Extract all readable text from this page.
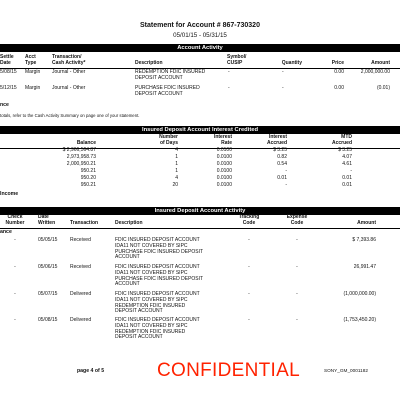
Statement for Account # 867-730320
05/01/15 - 05/31/15
Account Activity
Settle
Date
Acct
Type
Transaction/
Cash Activity*	Description
Symbol/
CUSIP	Quantity	Price	Amount
5/08/15 Margin Journal - Other	REDEMPTION FDIC INSURED
DEPOSIT ACCOUNT
-	-	0.00	2,000,000.00
5/12/15 Margin Journal - Other	PURCHASE FDIC INSURED
DEPOSIT ACCOUNT
-	-	0.00	(0.01)
nce
totals, refer to the Cash Activity Summary on page one of your statement.
Insured Deposit Account Interest Credited
Balance
Number
of Days
Interest
Rate
Interest
Accrued
MTD
Accrued
$ 2,966,564.87	4	0.0100	$ 3.25	$ 3.25
2,973,958.73	1	0.0100	0.82	4.07
2,000,950.21	1	0.0100	0.54	4.61
950.21	1	0.0100	-	-
950.20	4	0.0100	0.01	0.01
950.21	20	0.0100	-	0.01
Income
Insured Deposit Account Activity
Check
Number
Date
Written	Transaction	Description
Tracking
Code
Expense
Code	Amount
ance
-	05/05/15	Received	FDIC INSURED DEPOSIT ACCOUNT
IDA11 NOT COVERED BY SIPC
PURCHASE FDIC INSURED DEPOSIT
ACCOUNT
-	-	$ 7,393.86
-	05/06/15	Received	FDIC INSURED DEPOSIT ACCOUNT
IDA11 NOT COVERED BY SIPC
PURCHASE FDIC INSURED DEPOSIT
ACCOUNT
-	-	26,991.47
-	05/07/15	Delivered	FDIC INSURED DEPOSIT ACCOUNT
IDA11 NOT COVERED BY SIPC
REDEMPTION FDIC INSURED
DEPOSIT ACCOUNT
-	-	(1,000,000.00)
-	05/08/15	Delivered	FDIC INSURED DEPOSIT ACCOUNT
IDA11 NOT COVERED BY SIPC
REDEMPTION FDIC INSURED
DEPOSIT ACCOUNT
-	-	(1,753,450.20)
page 4 of 5	CONFIDENTIAL	SONY_GM_0001182
